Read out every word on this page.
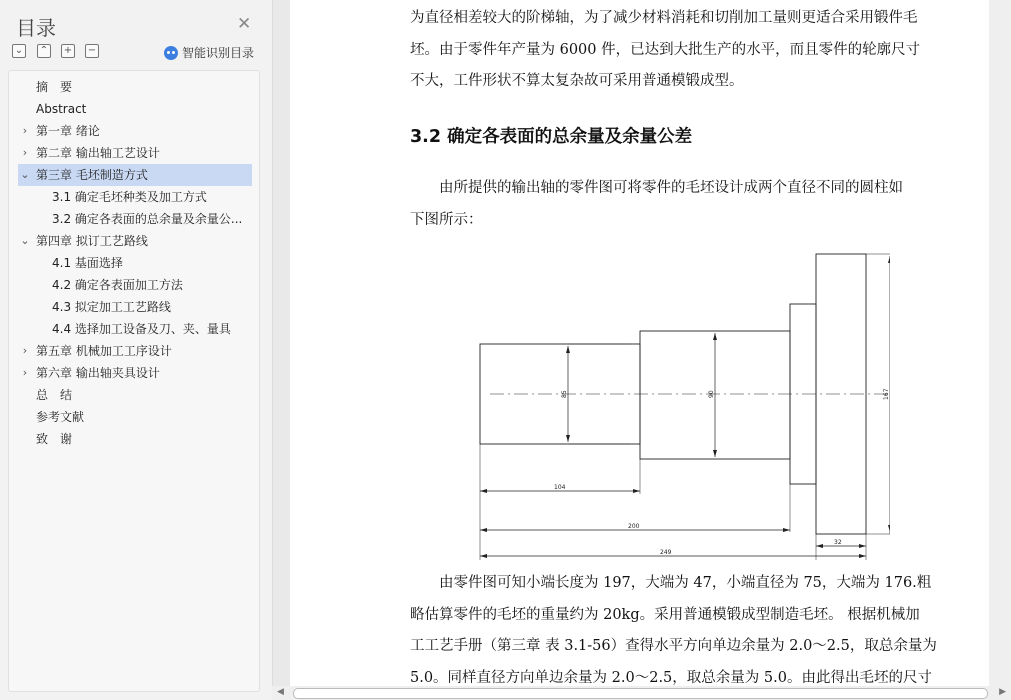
目录	✕
⌄ ⌃ + −	智能识别目录
摘　要
Abstract
› 第一章 绪论
› 第二章 输出轴工艺设计
⌄ 第三章 毛坯制造方式
3.1 确定毛坯种类及加工方式
3.2 确定各表面的总余量及余量公...
⌄ 第四章 拟订工艺路线
4.1 基面选择
4.2 确定各表面加工方法
4.3 拟定加工工艺路线
4.4 选择加工设备及刀、夹、量具
› 第五章 机械加工工序设计
› 第六章 输出轴夹具设计
总　结
参考文献
致　谢
为直径相差较大的阶梯轴，为了减少材料消耗和切削加工量则更适合采用锻件毛
坯。由于零件年产量为 6000 件，已达到大批生产的水平，而且零件的轮廓尺寸
不大，工件形状不算太复杂故可采用普通模锻成型。
3.2 确定各表面的总余量及余量公差
　　由所提供的输出轴的零件图可将零件的毛坯设计成两个直径不同的圆柱如
下图所示：
104
200
249
32
85	90	167
　　由零件图可知小端长度为 197，大端为 47，小端直径为 75，大端为 176.粗
略估算零件的毛坯的重量约为 20kg。采用普通模锻成型制造毛坯。 根据机械加
工工艺手册（第三章 表 3.1-56）查得水平方向单边余量为 2.0～2.5，取总余量为
5.0。同样直径方向单边余量为 2.0～2.5，取总余量为 5.0。由此得出毛坯的尺寸
◀	▶
